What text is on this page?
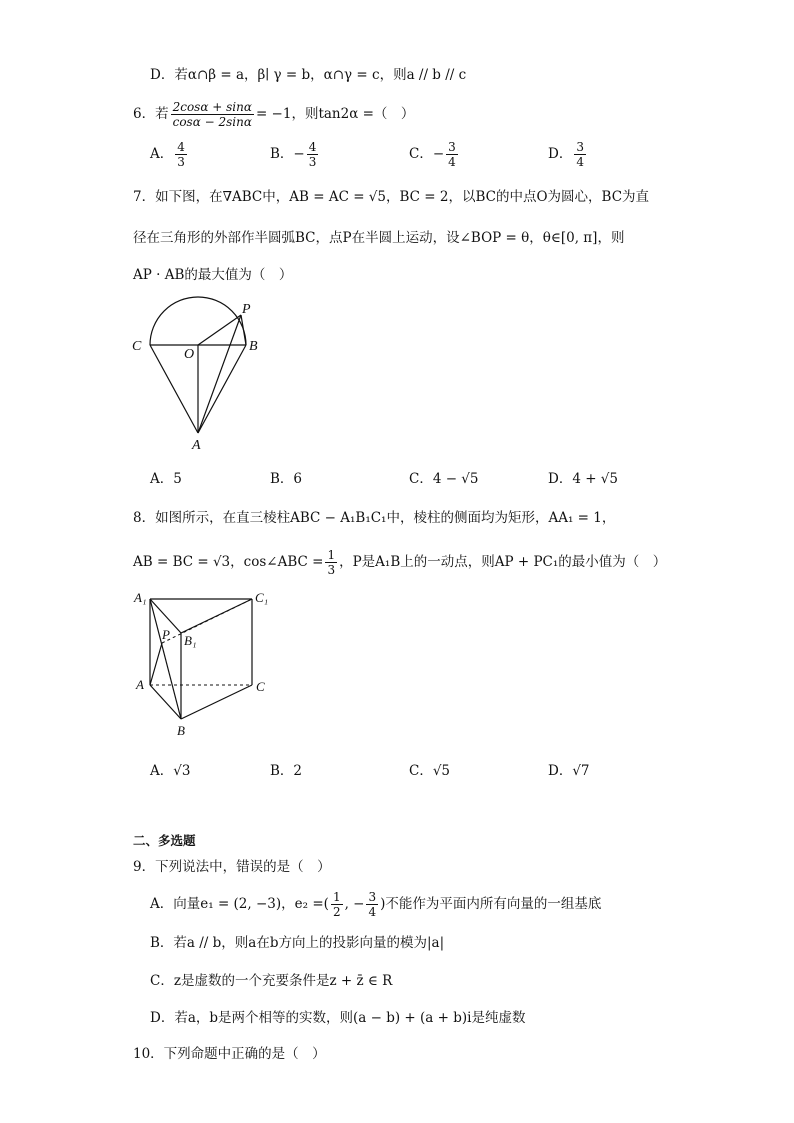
D．若α∩β = a，β∣ γ = b，α∩γ = c，则a // b // c
6．若 $\frac{2\cos\alpha + \sin\alpha}{\cos\alpha - 2\sin\alpha} = -1$，则tan2α =（　）
A． $\frac{4}{3}$	B．− $\frac{4}{3}$	C．− $\frac{3}{4}$	D． $\frac{3}{4}$
7．如下图，在∇ABC中，AB = AC = √5，BC = 2，以BC的中点O为圆心，BC为直
径在三角形的外部作半圆弧BC，点P在半圆上运动，设∠BOP = θ，θ∈[0, π]，则
AP · AB的最大值为（　）
C
O
B
P
A
A．5	B．6	C．4 − √5	D．4 + √5
8．如图所示，在直三棱柱ABC − A₁B₁C₁中，棱柱的侧面均为矩形，AA₁ = 1，
AB = BC = √3，cos∠ABC = $\frac{1}{3}$ ，P是A₁B上的一动点，则AP + PC₁的最小值为（　）
A₁	C₁
P B₁
A	C
B
A．√3	B．2	C．√5	D．√7
二、多选题
9．下列说法中，错误的是（　）
A．向量e₁ = (2, −3)，e₂ =( $\frac{1}{2}$ , − $\frac{3}{4}$ )不能作为平面内所有向量的一组基底
B．若a // b，则a在b方向上的投影向量的模为|a|
C．z是虚数的一个充要条件是z + z̄ ∈ R
D．若a，b是两个相等的实数，则(a − b) + (a + b)i是纯虚数
10．下列命题中正确的是（　）
